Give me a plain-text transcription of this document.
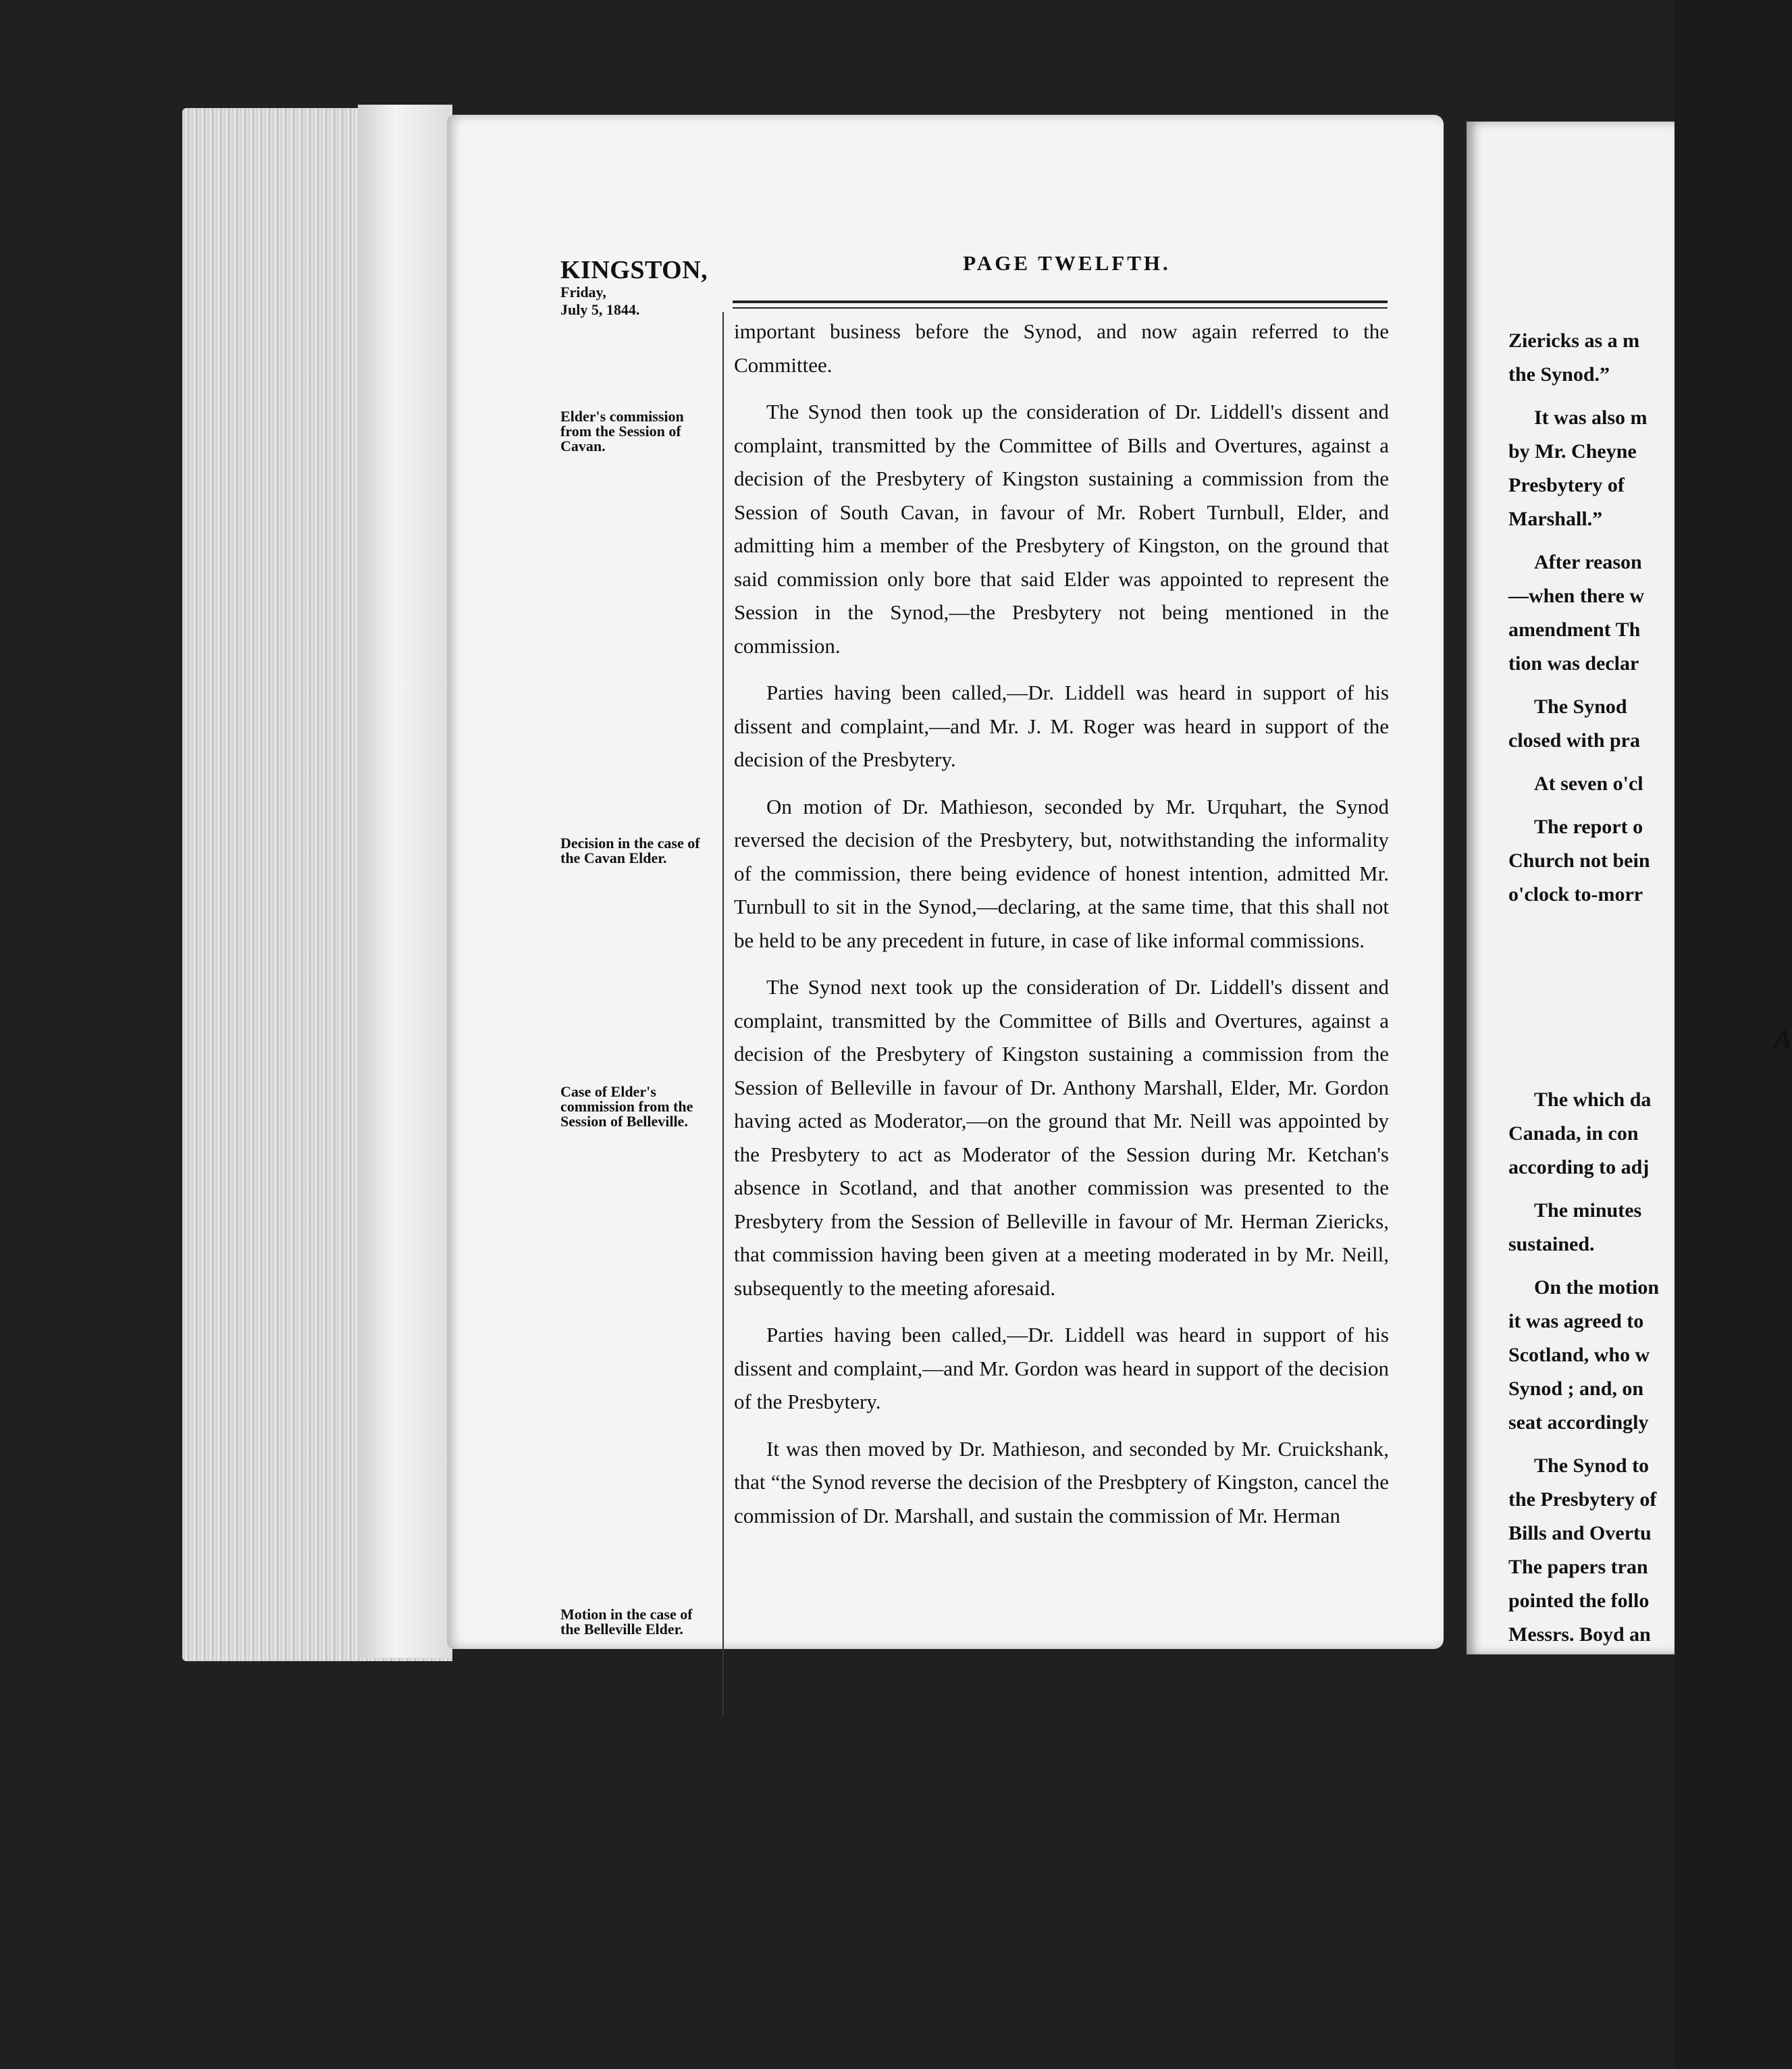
KINGSTON,
Friday,
July 5, 1844.
PAGE TWELFTH.
Elder's commission from the Session of Cavan.
Decision in the case of the Cavan Elder.
Case of Elder's commission from the Session of Belleville.
Motion in the case of the Belleville Elder.

important business before the Synod, and now again referred to the Committee.

The Synod then took up the consideration of Dr. Liddell's dissent and complaint, transmitted by the Committee of Bills and Overtures, against a decision of the Presbytery of Kingston sustaining a commission from the Session of South Cavan, in favour of Mr. Robert Turnbull, Elder, and admitting him a member of the Presbytery of Kingston, on the ground that said commission only bore that said Elder was appointed to represent the Session in the Synod,—the Presbytery not being mentioned in the commission.

Parties having been called,—Dr. Liddell was heard in support of his dissent and complaint,—and Mr. J. M. Roger was heard in support of the decision of the Presbytery.

On motion of Dr. Mathieson, seconded by Mr. Urquhart, the Synod reversed the decision of the Presbytery, but, notwithstanding the informality of the commission, there being evidence of honest intention, admitted Mr. Turnbull to sit in the Synod,—declaring, at the same time, that this shall not be held to be any precedent in future, in case of like informal commissions.

The Synod next took up the consideration of Dr. Liddell's dissent and complaint, transmitted by the Committee of Bills and Overtures, against a decision of the Presbytery of Kingston sustaining a commission from the Session of Belleville in favour of Dr. Anthony Marshall, Elder, Mr. Gordon having acted as Moderator,—on the ground that Mr. Neill was appointed by the Presbytery to act as Moderator of the Session during Mr. Ketchan's absence in Scotland, and that another commission was presented to the Presbytery from the Session of Belleville in favour of Mr. Herman Ziericks, that commission having been given at a meeting moderated in by Mr. Neill, subsequently to the meeting aforesaid.

Parties having been called,—Dr. Liddell was heard in support of his dissent and complaint,—and Mr. Gordon was heard in support of the decision of the Presbytery.

It was then moved by Dr. Mathieson, and seconded by Mr. Cruickshank, that “the Synod reverse the decision of the Presbptery of Kingston, cancel the commission of Dr. Marshall, and sustain the commission of Mr. Herman

Ziericks as a m
the Synod.”

It was also m
by Mr. Cheyne
Presbytery of
Marshall.”

After reason
—when there w
amendment Th
tion was declar

The Synod
closed with pra

At seven o'cl

The report o
Church not bein
o'clock to-morr

A

The which da
Canada, in con
according to adj

The minutes
sustained.

On the motion
it was agreed to
Scotland, who w
Synod ; and, on
seat accordingly

The Synod to
the Presbytery of
Bills and Overtu
The papers tran
pointed the follo
Messrs. Boyd an
